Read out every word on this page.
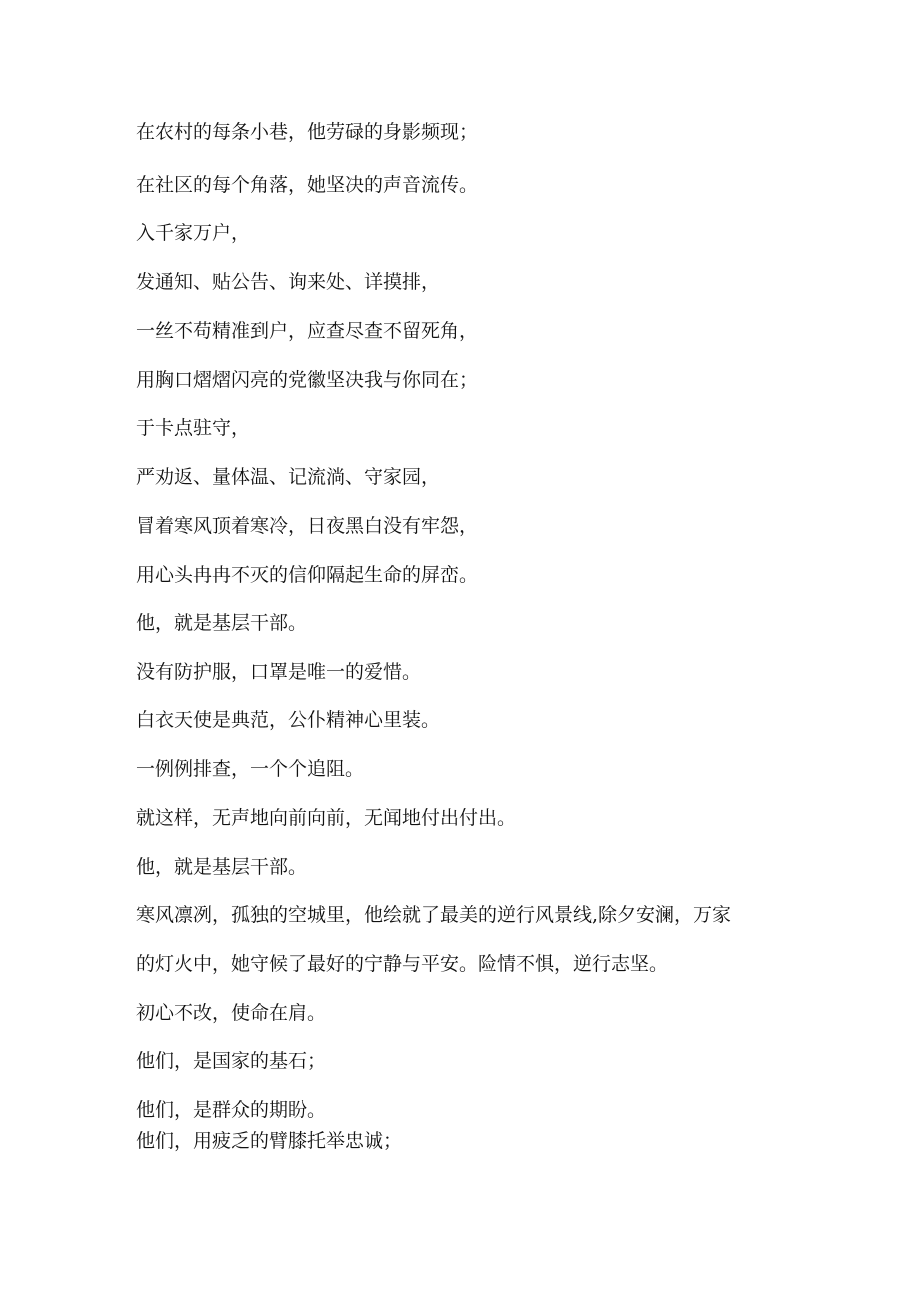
在农村的每条小巷，他劳碌的身影频现；

在社区的每个角落，她坚决的声音流传。

入千家万户，

发通知、贴公告、询来处、详摸排，

一丝不苟精准到户，应查尽查不留死角，

用胸口熠熠闪亮的党徽坚决我与你同在；

于卡点驻守，

严劝返、量体温、记流淌、守家园，

冒着寒风顶着寒冷，日夜黑白没有牢怨，

用心头冉冉不灭的信仰隔起生命的屏峦。

他，就是基层干部。

没有防护服，口罩是唯一的爱惜。

白衣天使是典范，公仆精神心里装。

一例例排查，一个个追阻。

就这样，无声地向前向前，无闻地付出付出。

他，就是基层干部。

寒风凛冽，孤独的空城里，他绘就了最美的逆行风景线,除夕安澜，万家

的灯火中，她守候了最好的宁静与平安。险情不惧，逆行志坚。

初心不改，使命在肩。

他们，是国家的基石；

他们，是群众的期盼。

他们，用疲乏的臂膝托举忠诚；
